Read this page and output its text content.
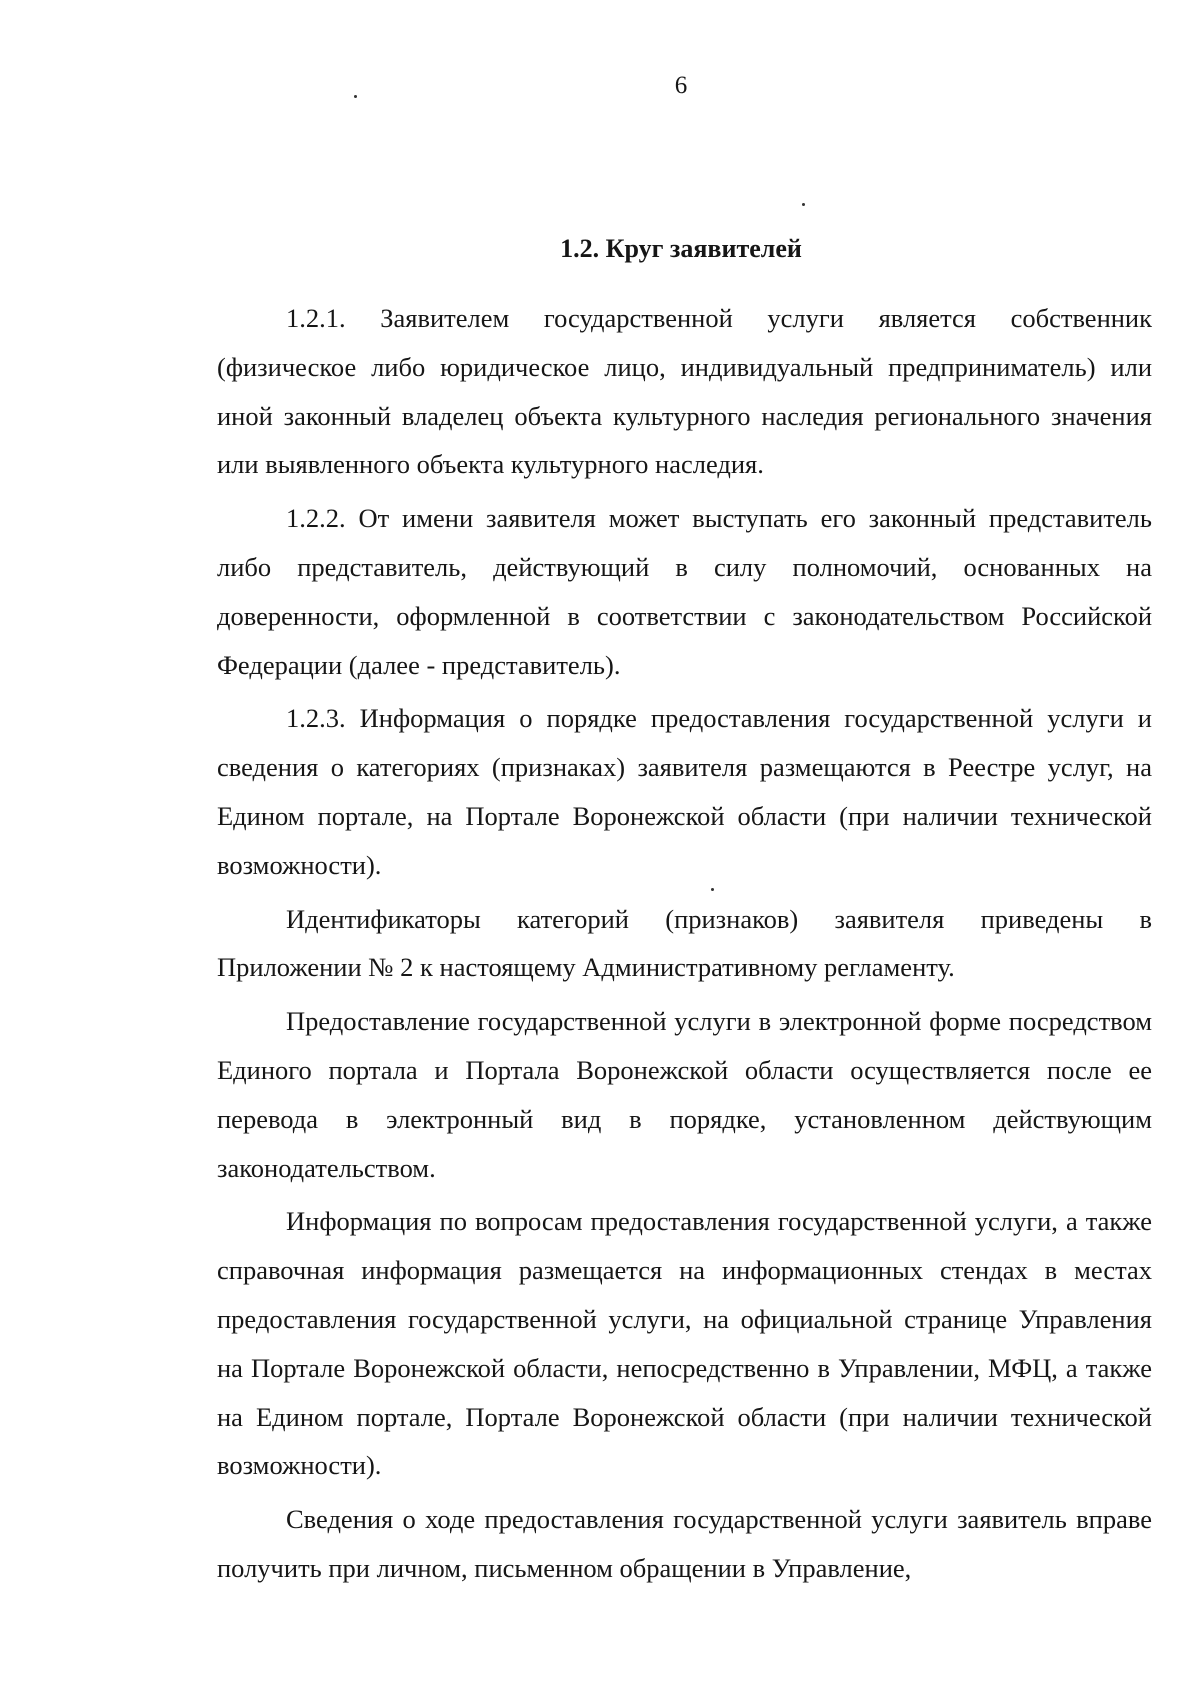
6
1.2. Круг заявителей

1.2.1. Заявителем государственной услуги является собственник (физическое либо юридическое лицо, индивидуальный предприниматель) или иной законный владелец объекта культурного наследия регионального значения или выявленного объекта культурного наследия.

1.2.2. От имени заявителя может выступать его законный представитель либо представитель, действующий в силу полномочий, основанных на доверенности, оформленной в соответствии с законодательством Российской Федерации (далее - представитель).

1.2.3. Информация о порядке предоставления государственной услуги и сведения о категориях (признаках) заявителя размещаются в Реестре услуг, на Едином портале, на Портале Воронежской области (при наличии технической возможности).

Идентификаторы категорий (признаков) заявителя приведены в Приложении № 2 к настоящему Административному регламенту.

Предоставление государственной услуги в электронной форме посредством Единого портала и Портала Воронежской области осуществляется после ее перевода в электронный вид в порядке, установленном действующим законодательством.

Информация по вопросам предоставления государственной услуги, а также справочная информация размещается на информационных стендах в местах предоставления государственной услуги, на официальной странице Управления на Портале Воронежской области, непосредственно в Управлении, МФЦ, а также на Едином портале, Портале Воронежской области (при наличии технической возможности).

Сведения о ходе предоставления государственной услуги заявитель вправе получить при личном, письменном обращении в Управление,
